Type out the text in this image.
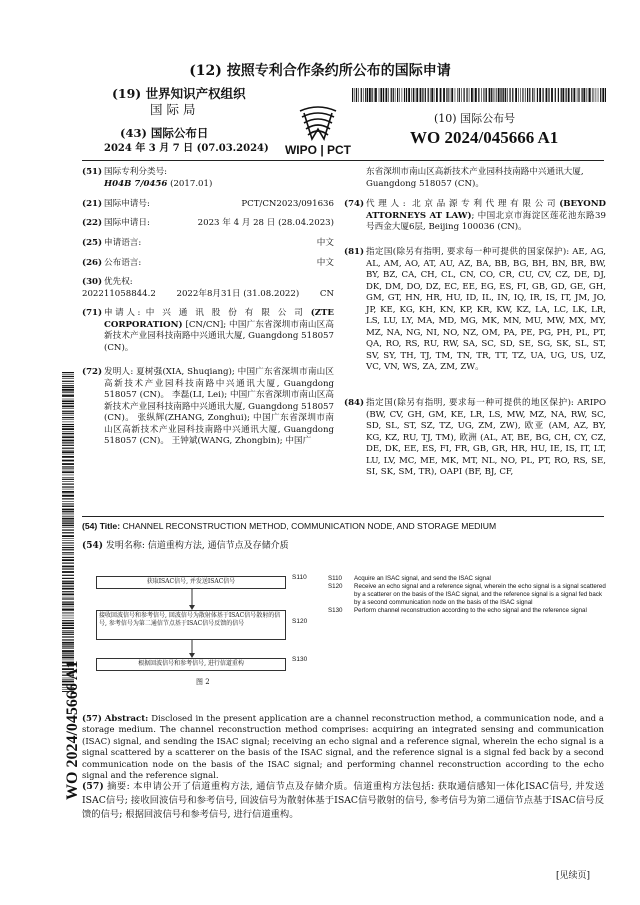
(12) 按照专利合作条约所公布的国际申请
(19) 世界知识产权组织
国 际 局
(43) 国际公布日
2024 年 3 月 7 日 (07.03.2024) WIPO | PCT
(10) 国际公布号
WO 2024/045666 A1
(51) 国际专利分类号:
H04B 7/0456 (2017.01)
(21) 国际申请号:	PCT/CN2023/091636
(22) 国际申请日:	2023 年 4 月 28 日 (28.04.2023)
(25) 申请语言:	中文
(26) 公布语言:	中文
(30) 优先权:
202211058844.2 2022年8月31日 (31.08.2022) CN
(71) 申请人: 中 兴 通 讯 股 份 有 限 公 司 (ZTE CORPORATION) [CN/CN]; 中国广东省深圳市南山区高新技术产业园科技南路中兴通讯大厦, Guangdong 518057 (CN)。
(72) 发明人: 夏树强(XIA, Shuqiang); 中国广东省深圳市南山区高新技术产业园科技南路中兴通讯大厦, Guangdong 518057 (CN)。 李磊(LI, Lei); 中国广东省深圳市南山区高新技术产业园科技南路中兴通讯大厦, Guangdong 518057 (CN)。 张纵辉(ZHANG, Zonghui); 中国广东省深圳市南山区高新技术产业园科技南路中兴通讯大厦, Guangdong 518057 (CN)。 王钟斌(WANG, Zhongbin); 中国广
东省深圳市南山区高新技术产业园科技南路中兴通讯大厦, Guangdong 518057 (CN)。
(74) 代理人: 北京品源专利代理有限公司(BEYOND ATTORNEYS AT LAW); 中国北京市海淀区莲花池东路39号西金大厦6层, Beijing 100036 (CN)。
(81) 指定国(除另有指明, 要求每一种可提供的国家保护): AE, AG, AL, AM, AO, AT, AU, AZ, BA, BB, BG, BH, BN, BR, BW, BY, BZ, CA, CH, CL, CN, CO, CR, CU, CV, CZ, DE, DJ, DK, DM, DO, DZ, EC, EE, EG, ES, FI, GB, GD, GE, GH, GM, GT, HN, HR, HU, ID, IL, IN, IQ, IR, IS, IT, JM, JO, JP, KE, KG, KH, KN, KP, KR, KW, KZ, LA, LC, LK, LR, LS, LU, LY, MA, MD, MG, MK, MN, MU, MW, MX, MY, MZ, NA, NG, NI, NO, NZ, OM, PA, PE, PG, PH, PL, PT, QA, RO, RS, RU, RW, SA, SC, SD, SE, SG, SK, SL, ST, SV, SY, TH, TJ, TM, TN, TR, TT, TZ, UA, UG, US, UZ, VC, VN, WS, ZA, ZM, ZW。
(84) 指定国(除另有指明, 要求每一种可提供的地区保护): ARIPO (BW, CV, GH, GM, KE, LR, LS, MW, MZ, NA, RW, SC, SD, SL, ST, SZ, TZ, UG, ZM, ZW), 欧亚 (AM, AZ, BY, KG, KZ, RU, TJ, TM), 欧洲 (AL, AT, BE, BG, CH, CY, CZ, DE, DK, EE, ES, FI, FR, GB, GR, HR, HU, IE, IS, IT, LT, LU, LV, MC, ME, MK, MT, NL, NO, PL, PT, RO, RS, SE, SI, SK, SM, TR), OAPI (BF, BJ, CF,
WO 2024/045666 A1
(54) Title: CHANNEL RECONSTRUCTION METHOD, COMMUNICATION NODE, AND STORAGE MEDIUM
(54) 发明名称: 信道重构方法, 通信节点及存储介质
获取ISAC信号, 并发送ISAC信号
S110
接收回波信号和参考信号, 回波信号为散射体基于ISAC信号散射的信号, 参考信号为第二通信节点基于ISAC信号反馈的信号	S120
根据回波信号和参考信号, 进行信道重构
S130
图 2
S110	Acquire an ISAC signal, and send the ISAC signal
S120	Receive an echo signal and a reference signal, wherein the echo signal is a signal scattered by a scatterer on the basis of the ISAC signal, and the reference signal is a signal fed back by a second communication node on the basis of the ISAC signal
S130	Perform channel reconstruction according to the echo signal and the reference signal
(57) Abstract: Disclosed in the present application are a channel reconstruction method, a communication node, and a storage medium. The channel reconstruction method comprises: acquiring an integrated sensing and communication (ISAC) signal, and sending the ISAC signal; receiving an echo signal and a reference signal, wherein the echo signal is a signal scattered by a scatterer on the basis of the ISAC signal, and the reference signal is a signal fed back by a second communication node on the basis of the ISAC signal; and performing channel reconstruction according to the echo signal and the reference signal.
(57) 摘要: 本申请公开了信道重构方法, 通信节点及存储介质。信道重构方法包括: 获取通信感知一体化ISAC信号, 并发送ISAC信号; 接收回波信号和参考信号, 回波信号为散射体基于ISAC信号散射的信号, 参考信号为第二通信节点基于ISAC信号反馈的信号; 根据回波信号和参考信号, 进行信道重构。
[见续页]
